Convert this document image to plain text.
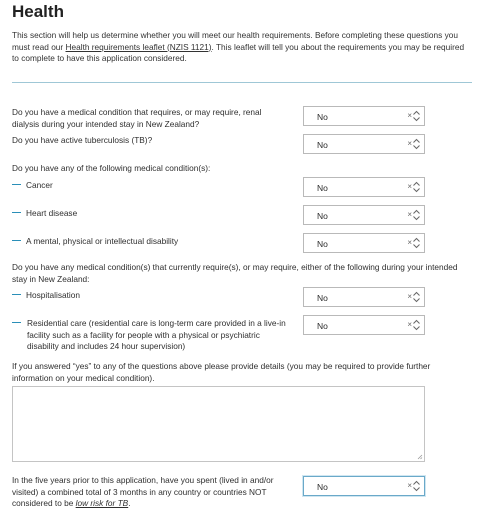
Health
This section will help us determine whether you will meet our health requirements. Before completing these questions you must read our Health requirements leaflet (NZIS 1121). This leaflet will tell you about the requirements you may be required to complete to have this application considered.
Do you have a medical condition that requires, or may require, renal dialysis during your intended stay in New Zealand?
No	×
Do you have active tuberculosis (TB)?	No	×
Do you have any of the following medical condition(s):
Cancer	No	×
Heart disease	No	×
A mental, physical or intellectual disability	No	×
Do you have any medical condition(s) that currently require(s), or may require, either of the following during your intended stay in New Zealand:
Hospitalisation	No	×
Residential care (residential care is long-term care provided in a live-in facility such as a facility for people with a physical or psychiatric disability and includes 24 hour supervision)
No	×
If you answered “yes” to any of the questions above please provide details (you may be required to provide further information on your medical condition).
In the five years prior to this application, have you spent (lived in and/or visited) a combined total of 3 months in any country or countries NOT considered to be low risk for TB.
No	×
